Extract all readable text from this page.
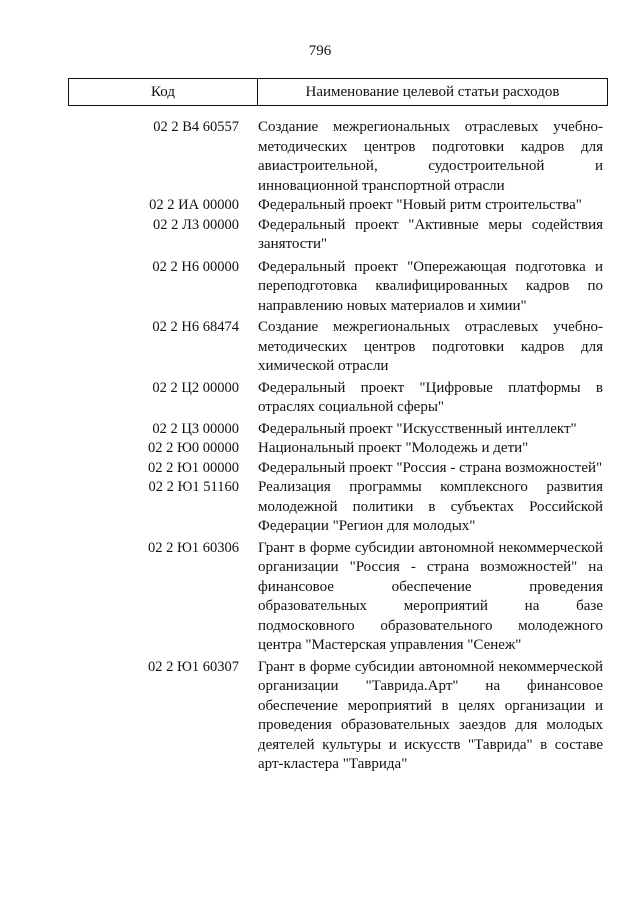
796
Код	Наименование целевой статьи расходов
02 2 В4 60557	Создание межрегиональных отраслевых учебно-методических центров подготовки кадров для авиастроительной, судостроительной и инновационной транспортной отрасли
02 2 ИА 00000	Федеральный проект "Новый ритм строительства"
02 2 Л3 00000	Федеральный проект "Активные меры содействия занятости"
02 2 Н6 00000	Федеральный проект "Опережающая подготовка и переподготовка квалифицированных кадров по направлению новых материалов и химии"
02 2 Н6 68474	Создание межрегиональных отраслевых учебно-методических центров подготовки кадров для химической отрасли
02 2 Ц2 00000	Федеральный проект "Цифровые платформы в отраслях социальной сферы"
02 2 Ц3 00000	Федеральный проект "Искусственный интеллект"
02 2 Ю0 00000	Национальный проект "Молодежь и дети"
02 2 Ю1 00000	Федеральный проект "Россия - страна возможностей"
02 2 Ю1 51160	Реализация программы комплексного развития молодежной политики в субъектах Российской Федерации "Регион для молодых"
02 2 Ю1 60306	Грант в форме субсидии автономной некоммерческой организации "Россия - страна возможностей" на финансовое обеспечение проведения образовательных мероприятий на базе подмосковного образовательного молодежного центра "Мастерская управления "Сенеж"
02 2 Ю1 60307	Грант в форме субсидии автономной некоммерческой организации "Таврида.Арт" на финансовое обеспечение мероприятий в целях организации и проведения образовательных заездов для молодых деятелей культуры и искусств "Таврида" в составе арт-кластера "Таврида"
